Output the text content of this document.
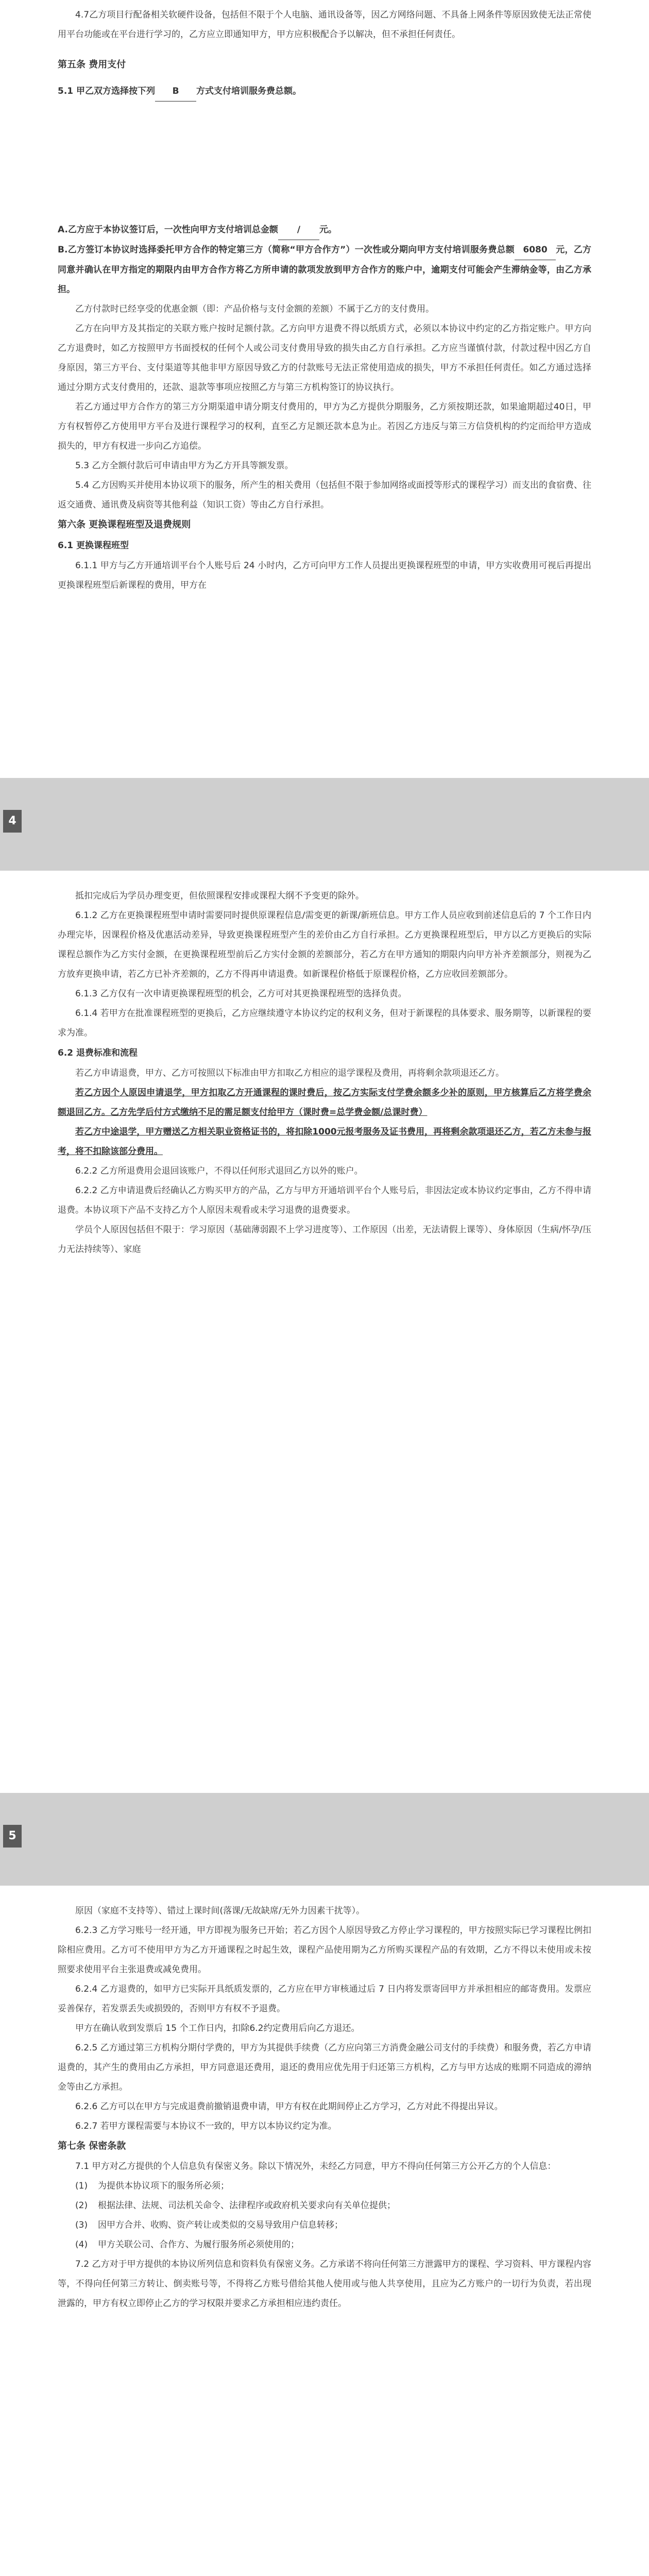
4.7乙方项目行配备相关软硬件设备，包括但不限于个人电脑、通讯设备等，因乙方网络问题、不具备上网条件等原因致使无法正常使用平台功能或在平台进行学习的，乙方应立即通知甲方，甲方应积极配合予以解决，但不承担任何责任。

第五条 费用支付

5.1 甲乙双方选择按下列 B 方式支付培训服务费总额。

A.乙方应于本协议签订后，一次性向甲方支付培训总金额 / 元。

B.乙方签订本协议时选择委托甲方合作的特定第三方（简称“甲方合作方”）一次性或分期向甲方支付培训服务费总额 6080 元，乙方同意并确认在甲方指定的期限内由甲方合作方将乙方所申请的款项发放到甲方合作方的账户中，逾期支付可能会产生滞纳金等，由乙方承担。

乙方付款时已经享受的优惠金额（即：产品价格与支付金额的差额）不属于乙方的支付费用。

乙方在向甲方及其指定的关联方账户按时足额付款。乙方向甲方退费不得以纸质方式，必须以本协议中约定的乙方指定账户。甲方向乙方退费时，如乙方按照甲方书面授权的任何个人或公司支付费用导致的损失由乙方自行承担。乙方应当谨慎付款，付款过程中因乙方自身原因，第三方平台、支付渠道等其他非甲方原因导致乙方的付款账号无法正常使用造成的损失，甲方不承担任何责任。如乙方通过选择通过分期方式支付费用的，还款、退款等事项应按照乙方与第三方机构签订的协议执行。

若乙方通过甲方合作方的第三方分期渠道申请分期支付费用的，甲方为乙方提供分期服务，乙方须按期还款，如果逾期超过40日，甲方有权暂停乙方使用甲方平台及进行课程学习的权利，直至乙方足额还款本息为止。若因乙方违反与第三方信贷机构的约定而给甲方造成损失的，甲方有权进一步向乙方追偿。

5.3 乙方全额付款后可申请由甲方为乙方开具等额发票。

5.4 乙方因购买并使用本协议项下的服务，所产生的相关费用（包括但不限于参加网络或面授等形式的课程学习）而支出的食宿费、往返交通费、通讯费及病资等其他利益（知识工资）等由乙方自行承担。

第六条 更换课程班型及退费规则

6.1 更换课程班型

6.1.1 甲方与乙方开通培训平台个人账号后 24 小时内，乙方可向甲方工作人员提出更换课程班型的申请，甲方实收费用可视后再提出更换课程班型后新课程的费用，甲方在

4

抵扣完成后为学员办理变更，但依照课程安排或课程大纲不予变更的除外。

6.1.2 乙方在更换课程班型申请时需要同时提供原课程信息/需变更的新课/新班信息。甲方工作人员应收到前述信息后的 7 个工作日内办理完毕，因课程价格及优惠活动差异，导致更换课程班型产生的差价由乙方自行承担。乙方更换课程班型后，甲方以乙方更换后的实际课程总额作为乙方实付金额，在更换课程班型前后乙方实付金额的差额部分，若乙方在甲方通知的期限内向甲方补齐差额部分，则视为乙方放弃更换申请，若乙方已补齐差额的，乙方不得再申请退费。如新课程价格低于原课程价格，乙方应收回差额部分。

6.1.3 乙方仅有一次申请更换课程班型的机会，乙方可对其更换课程班型的选择负责。

6.1.4 若甲方在批准课程班型的更换后，乙方应继续遵守本协议约定的权利义务，但对于新课程的具体要求、服务期等，以新课程的要求为准。

6.2 退费标准和流程

若乙方申请退费，甲方、乙方可按照以下标准由甲方扣取乙方相应的退学课程及费用，再将剩余款项退还乙方。

若乙方因个人原因申请退学，甲方扣取乙方开通课程的课时费后，按乙方实际支付学费余额多少补的原则，甲方核算后乙方将学费余额退回乙方。乙方先学后付方式缴纳不足的需足额支付给甲方（课时费=总学费金额/总课时费）

若乙方中途退学，甲方赠送乙方相关职业资格证书的，将扣除1000元报考服务及证书费用，再将剩余款项退还乙方，若乙方未参与报考，将不扣除该部分费用。

6.2.2 乙方所退费用会退回该账户，不得以任何形式退回乙方以外的账户。

6.2.2 乙方申请退费后经确认乙方购买甲方的产品，乙方与甲方开通培训平台个人账号后，非因法定或本协议约定事由，乙方不得申请退费。本协议项下产品不支持乙方个人原因未观看或未学习退费的退费要求。

学员个人原因包括但不限于：学习原因（基础薄弱跟不上学习进度等）、工作原因（出差，无法请假上课等）、身体原因（生病/怀孕/压力无法持续等）、家庭

5

原因（家庭不支持等）、错过上课时间(落课/无故缺席/无外力因素干扰等）。

6.2.3 乙方学习账号一经开通，甲方即视为服务已开始；若乙方因个人原因导致乙方停止学习课程的，甲方按照实际已学习课程比例扣除相应费用。乙方可不使用甲方为乙方开通课程之时起生效，课程产品使用期为乙方所购买课程产品的有效期，乙方不得以未使用或未按照要求使用平台主张退费或减免费用。

6.2.4 乙方退费的，如甲方已实际开具纸质发票的，乙方应在甲方审核通过后 7 日内将发票寄回甲方并承担相应的邮寄费用。发票应妥善保存，若发票丢失或损毁的，否则甲方有权不予退费。

甲方在确认收到发票后 15 个工作日内，扣除6.2约定费用后向乙方退还。

6.2.5 乙方通过第三方机构分期付学费的，甲方为其提供手续费（乙方应向第三方消费金融公司支付的手续费）和服务费，若乙方申请退费的，其产生的费用由乙方承担，甲方同意退还费用，退还的费用应优先用于归还第三方机构，乙方与甲方达成的账期不同造成的滞纳金等由乙方承担。

6.2.6 乙方可以在甲方与完成退费前撤销退费申请，甲方有权在此期间停止乙方学习，乙方对此不得提出异议。

6.2.7 若甲方课程需要与本协议不一致的，甲方以本协议约定为准。

第七条 保密条款

7.1 甲方对乙方提供的个人信息负有保密义务。除以下情况外，未经乙方同意，甲方不得向任何第三方公开乙方的个人信息：

(1) 为提供本协议项下的服务所必须；

(2) 根据法律、法规、司法机关命令、法律程序或政府机关要求向有关单位提供；

(3) 因甲方合并、收购、资产转让或类似的交易导致用户信息转移；

(4) 甲方关联公司、合作方、为履行服务所必须使用的；

7.2 乙方对于甲方提供的本协议所列信息和资料负有保密义务。乙方承诺不将向任何第三方泄露甲方的课程、学习资料、甲方课程内容等，不得向任何第三方转让、倒卖账号等，不得将乙方账号借给其他人使用或与他人共享使用，且应为乙方账户的一切行为负责，若出现泄露的，甲方有权立即停止乙方的学习权限并要求乙方承担相应违约责任。
